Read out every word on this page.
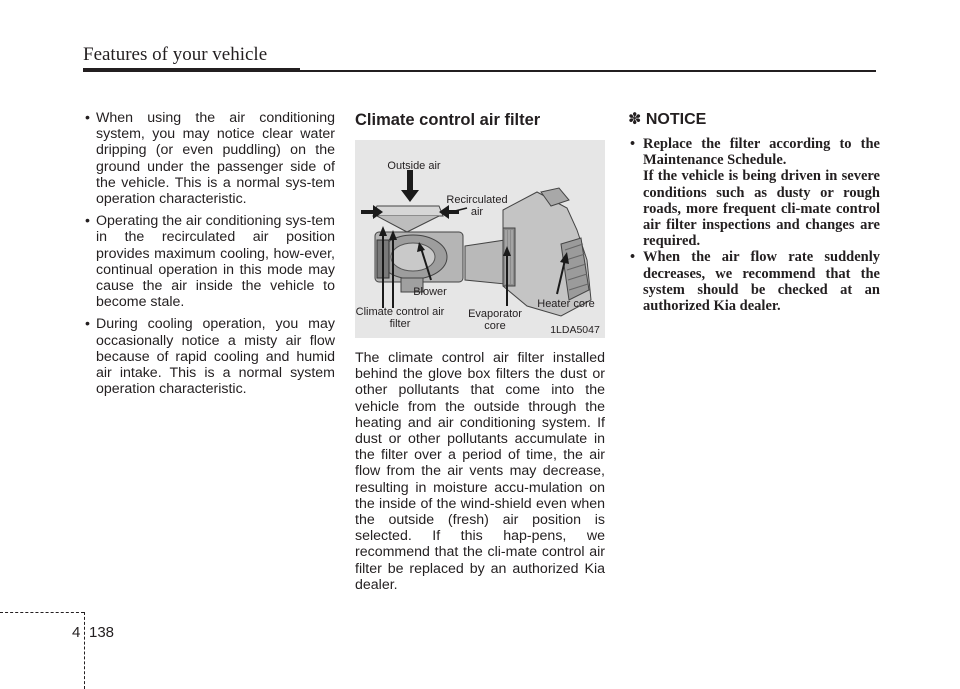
Features of your vehicle
• When using the air conditioning system, you may notice clear water dripping (or even puddling) on the ground under the passenger side of the vehicle. This is a normal sys-tem operation characteristic.
• Operating the air conditioning sys-tem in the recirculated air position provides maximum cooling, how-ever, continual operation in this mode may cause the air inside the vehicle to become stale.
• During cooling operation, you may occasionally notice a misty air flow because of rapid cooling and humid air intake. This is a normal system operation characteristic.
Climate control air filter
Outside air
Recirculated air
Blower
Climate control air filter
Evaporator core
Heater core
1LDA5047

The climate control air filter installed behind the glove box filters the dust or other pollutants that come into the vehicle from the outside through the heating and air conditioning system. If dust or other pollutants accumulate in the filter over a period of time, the air flow from the air vents may decrease, resulting in moisture accu-mulation on the inside of the wind-shield even when the outside (fresh) air position is selected. If this hap-pens, we recommend that the cli-mate control air filter be replaced by an authorized Kia dealer.

✽ NOTICE
• Replace the filter according to the Maintenance Schedule.
If the vehicle is being driven in severe conditions such as dusty or rough roads, more frequent cli-mate control air filter inspections and changes are required.
• When the air flow rate suddenly decreases, we recommend that the system should be checked at an authorized Kia dealer.
4 138
